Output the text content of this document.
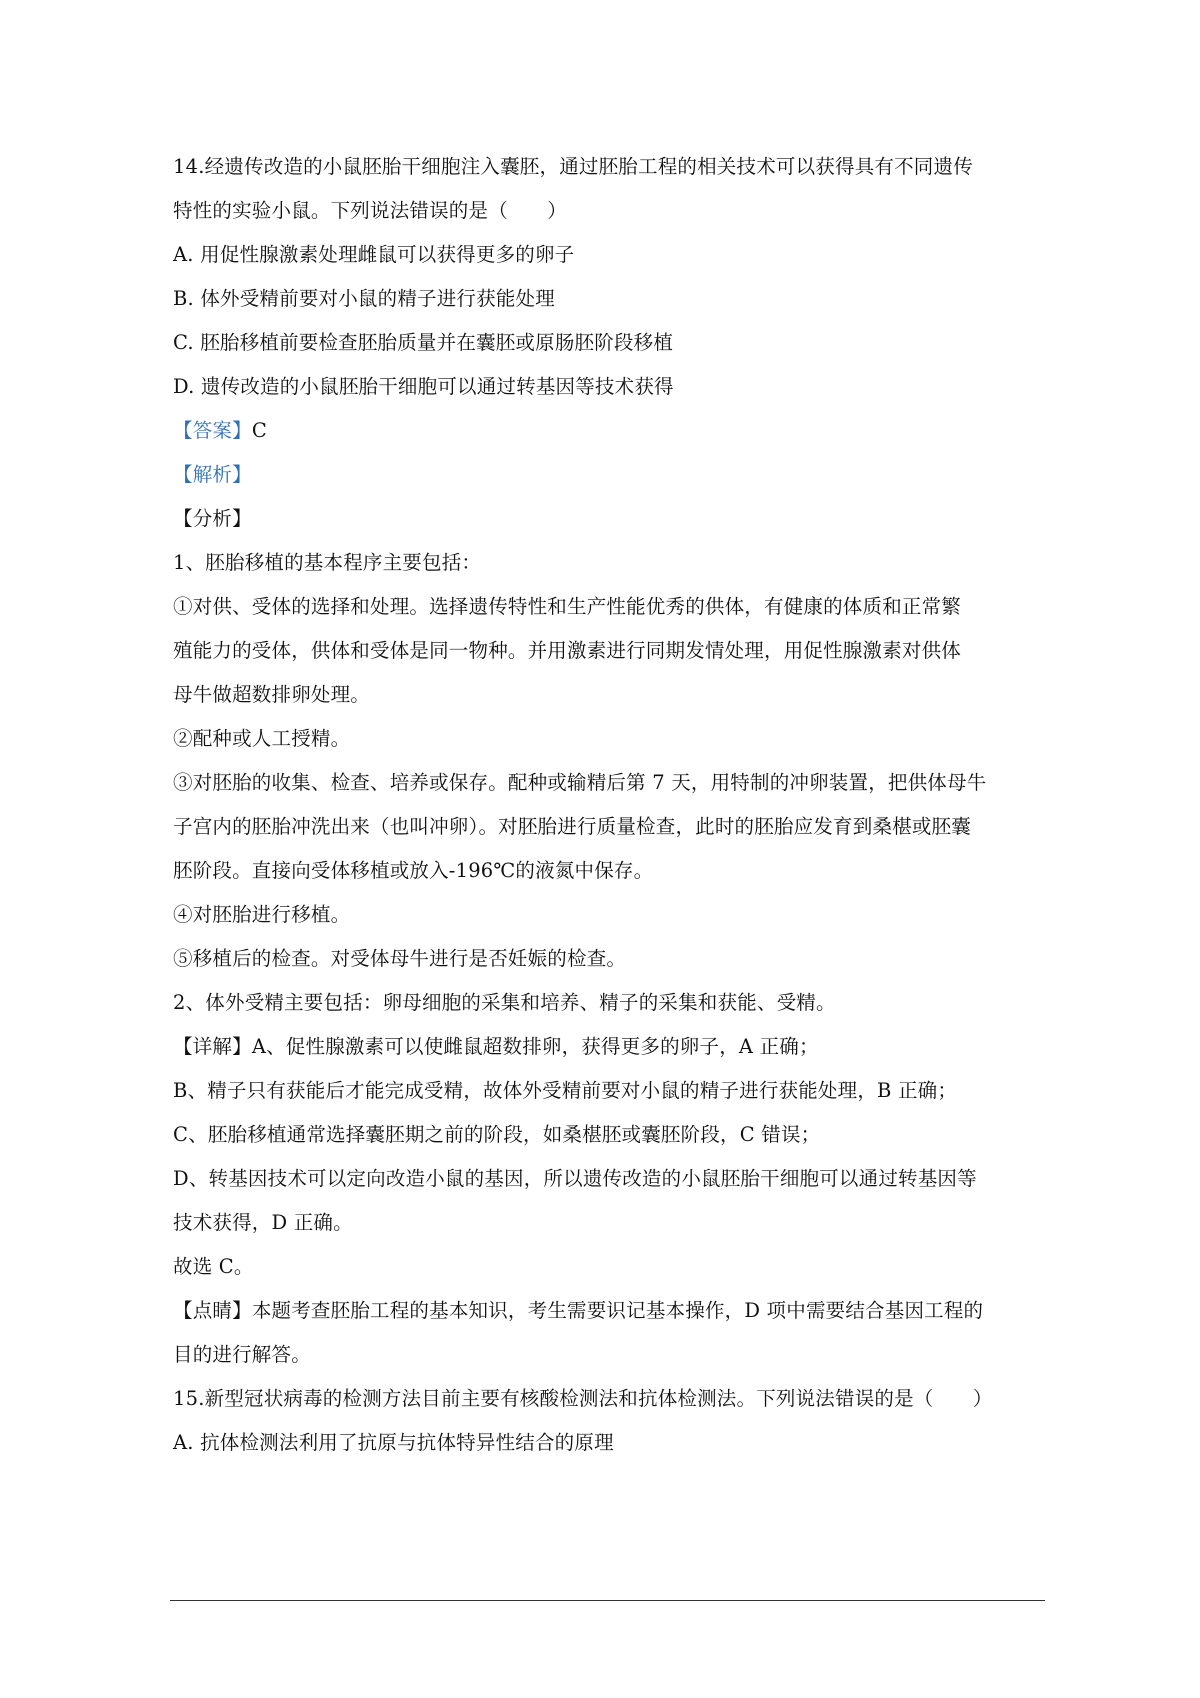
14.经遗传改造的小鼠胚胎干细胞注入囊胚，通过胚胎工程的相关技术可以获得具有不同遗传
特性的实验小鼠。下列说法错误的是（　　）
A. 用促性腺激素处理雌鼠可以获得更多的卵子
B. 体外受精前要对小鼠的精子进行获能处理
C. 胚胎移植前要检查胚胎质量并在囊胚或原肠胚阶段移植
D. 遗传改造的小鼠胚胎干细胞可以通过转基因等技术获得
【答案】C
【解析】
【分析】
1、胚胎移植的基本程序主要包括：
①对供、受体的选择和处理。选择遗传特性和生产性能优秀的供体，有健康的体质和正常繁
殖能力的受体，供体和受体是同一物种。并用激素进行同期发情处理，用促性腺激素对供体
母牛做超数排卵处理。
②配种或人工授精。
③对胚胎的收集、检查、培养或保存。配种或输精后第 7 天，用特制的冲卵装置，把供体母牛
子宫内的胚胎冲洗出来（也叫冲卵）。对胚胎进行质量检查，此时的胚胎应发育到桑椹或胚囊
胚阶段。直接向受体移植或放入-196℃的液氮中保存。
④对胚胎进行移植。
⑤移植后的检查。对受体母牛进行是否妊娠的检查。
2、体外受精主要包括：卵母细胞的采集和培养、精子的采集和获能、受精。
【详解】A、促性腺激素可以使雌鼠超数排卵，获得更多的卵子，A 正确；
B、精子只有获能后才能完成受精，故体外受精前要对小鼠的精子进行获能处理，B 正确；
C、胚胎移植通常选择囊胚期之前的阶段，如桑椹胚或囊胚阶段，C 错误；
D、转基因技术可以定向改造小鼠的基因，所以遗传改造的小鼠胚胎干细胞可以通过转基因等
技术获得，D 正确。
故选 C。
【点睛】本题考查胚胎工程的基本知识，考生需要识记基本操作，D 项中需要结合基因工程的
目的进行解答。
15.新型冠状病毒的检测方法目前主要有核酸检测法和抗体检测法。下列说法错误的是（　　）
A. 抗体检测法利用了抗原与抗体特异性结合的原理
